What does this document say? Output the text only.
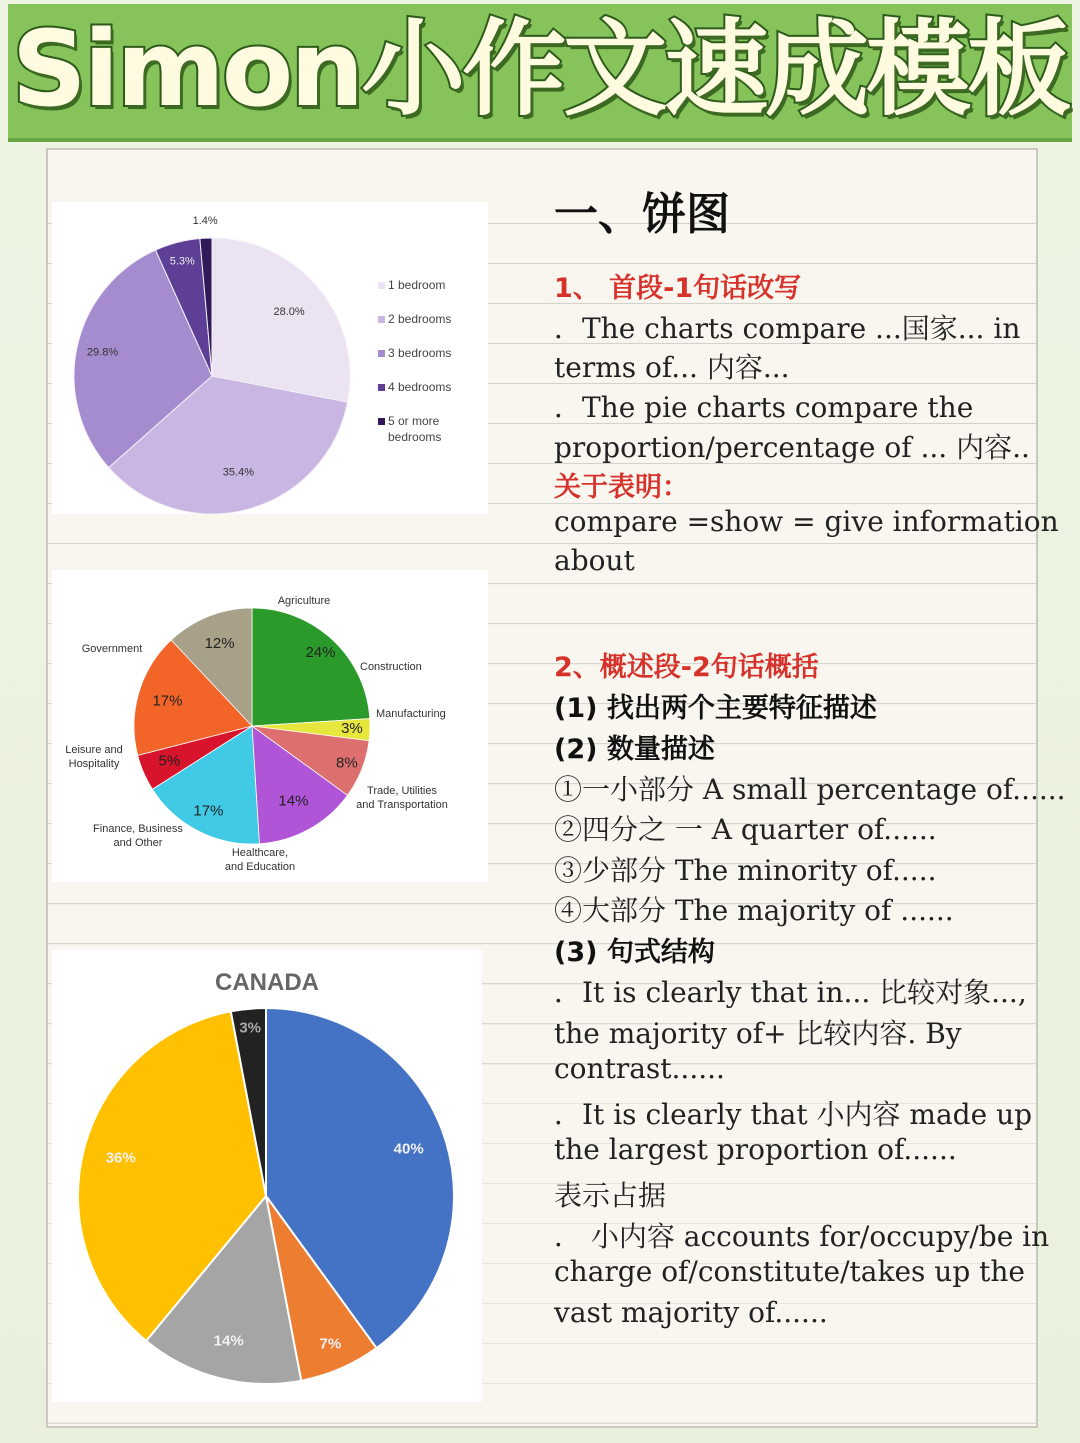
Simon小作文速成模板
28.0%
35.4%
29.8%
5.3%
1.4%
1 bedroom
2 bedrooms
3 bedrooms
4 bedrooms
5 or more
bedrooms
24%
3%
8%
14%
17%
5%
17%
12%
Agriculture
Construction
Manufacturing
Trade, Utilities
and Transportation
Healthcare,
and Education
Finance, Business
and Other
Leisure and
Hospitality
Government
CANADA
40%
7%
14%
36%
3%
一、饼图
1、 首段-1句话改写
．The charts compare ...国家... in
terms of... 内容...
．The pie charts compare the
proportion/percentage of ... 内容..
关于表明：
compare =show = give information
about
2、概述段-2句话概括
(1) 找出两个主要特征描述
(2) 数量描述
①一小部分 A small percentage of......
②四分之 一 A quarter of......
③少部分 The minority of.....
④大部分 The majority of ......
(3) 句式结构
．It is clearly that in... 比较对象...,
the majority of+ 比较内容. By
contrast......
．It is clearly that 小内容 made up
the largest proportion of......
表示占据
． 小内容 accounts for/occupy/be in
charge of/constitute/takes up the
vast majority of......
